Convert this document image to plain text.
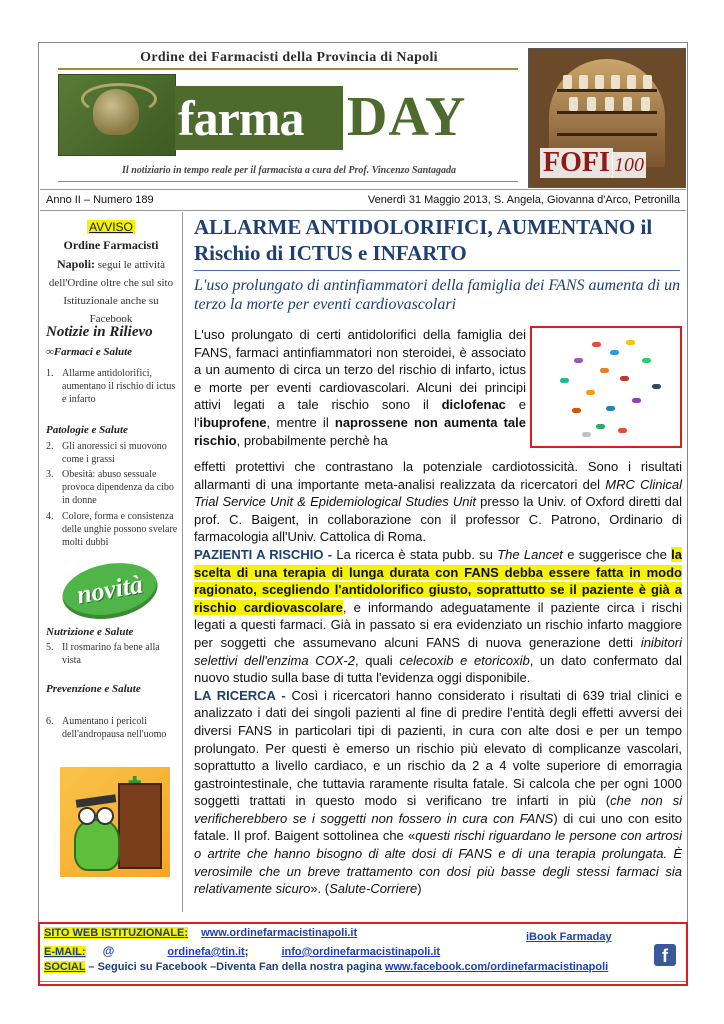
Ordine dei Farmacisti della Provincia di Napoli
farma DAY
Il notiziario in tempo reale per il farmacista a cura del Prof. Vincenzo Santagada	FOFI 100
Anno II – Numero 189	Venerdì 31 Maggio 2013, S. Angela, Giovanna d'Arco, Petronilla
AVVISO
Ordine Farmacisti
Napoli: segui le attività dell'Ordine oltre che sul sito Istituzionale anche su Facebook
Notizie in Rilievo
∞Farmaci e Salute
1. Allarme antidolorifici, aumentano il rischio di ictus e infarto
Patologie e Salute
2. Gli anoressici si muovono come i grassi
3. Obesità: abuso sessuale provoca dipendenza da cibo in donne
4. Colore, forma e consistenza delle unghie possono svelare molti dubbi
novità
Nutrizione e Salute
5. Il rosmarino fa bene alla vista
Prevenzione e Salute
6. Aumentano i pericoli dell'andropausa nell'uomo
ALLARME ANTIDOLORIFICI, AUMENTANO il Rischio di ICTUS e INFARTO
L'uso prolungato di antinfiammatori della famiglia dei FANS aumenta di un terzo la morte per eventi cardiovascolari
L'uso prolungato di certi antidolorifici della famiglia dei FANS, farmaci antinfiammatori non steroidei, è associato a un aumento di circa un terzo del rischio di infarto, ictus e morte per eventi cardiovascolari. Alcuni dei principi attivi legati a tale rischio sono il diclofenac e l'ibuprofene, mentre il naprossene non aumenta tale rischio, probabilmente perchè ha
effetti protettivi che contrastano la potenziale cardiotossicità. Sono i risultati allarmanti di una importante meta-analisi realizzata da ricercatori del MRC Clinical Trial Service Unit & Epidemiological Studies Unit presso la Univ. of Oxford diretti dal prof. C. Baigent, in collaborazione con il professor C. Patrono, Ordinario di farmacologia all'Univ. Cattolica di Roma.
PAZIENTI A RISCHIO - La ricerca è stata pubb. su The Lancet e suggerisce che la scelta di una terapia di lunga durata con FANS debba essere fatta in modo ragionato, scegliendo l'antidolorifico giusto, soprattutto se il paziente è già a rischio cardiovascolare, e informando adeguatamente il paziente circa i rischi legati a questi farmaci. Già in passato si era evidenziato un rischio infarto maggiore per soggetti che assumevano alcuni FANS di nuova generazione detti inibitori selettivi dell'enzima COX-2, quali celecoxib e etoricoxib, un dato confermato dal nuovo studio sulla base di tutta l'evidenza oggi disponibile.
LA RICERCA - Così i ricercatori hanno considerato i risultati di 639 trial clinici e analizzato i dati dei singoli pazienti al fine di predire l'entità degli effetti avversi dei diversi FANS in particolari tipi di pazienti, in cura con alte dosi e per un tempo prolungato. Per questi è emerso un rischio più elevato di complicanze vascolari, soprattutto a livello cardiaco, e un rischio da 2 a 4 volte superiore di emorragia gastrointestinale, che tuttavia raramente risulta fatale. Si calcola che per ogni 1000 soggetti trattati in questo modo si verificano tre infarti in più (che non si verificherebbero se i soggetti non fossero in cura con FANS) di cui uno con esito fatale. Il prof. Baigent sottolinea che «questi rischi riguardano le persone con artrosi o artrite che hanno bisogno di alte dosi di FANS e di una terapia prolungata. È verosimile che un breve trattamento con dosi più basse degli stessi farmaci sia relativamente sicuro». (Salute-Corriere)
SITO WEB ISTITUZIONALE: www.ordinefarmacistinapoli.it	iBook Farmaday
E-MAIL: @	ordinefa@tin.it;	info@ordinefarmacistinapoli.it
SOCIAL – Seguici su Facebook –Diventa Fan della nostra pagina www.facebook.com/ordinefarmacistinapoli
f
